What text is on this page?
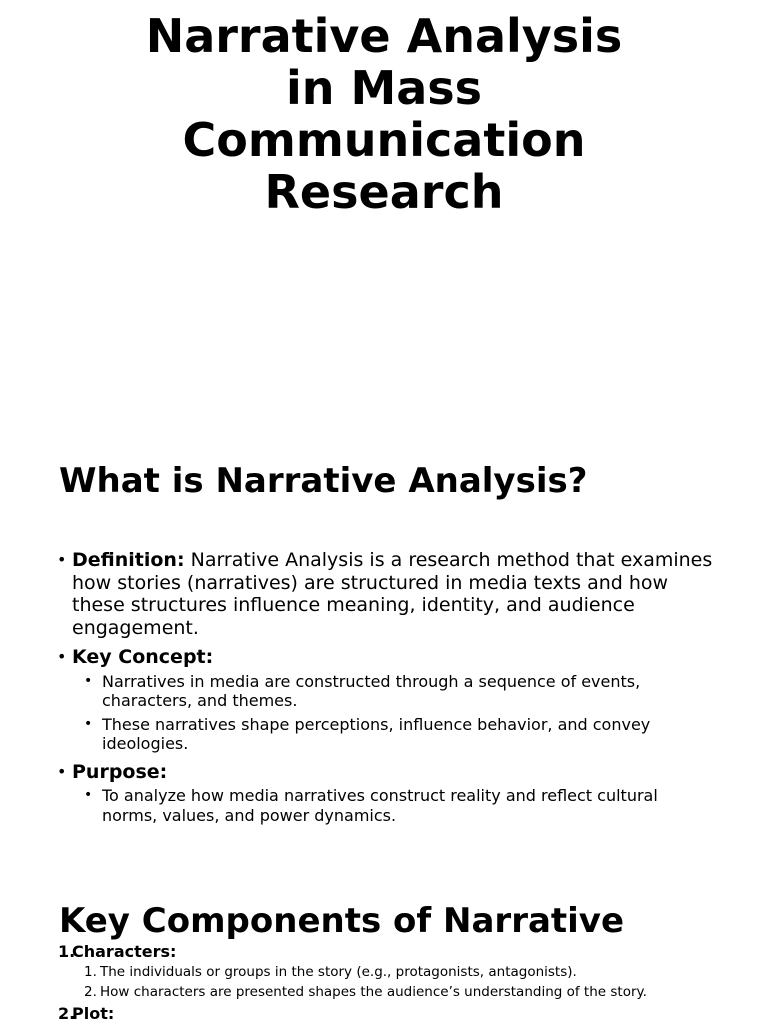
Narrative Analysis
in Mass
Communication
Research
What is Narrative Analysis?
• Definition: Narrative Analysis is a research method that examines how stories (narratives) are structured in media texts and how these structures influence meaning, identity, and audience engagement.
• Key Concept:
• Narratives in media are constructed through a sequence of events, characters, and themes.
• These narratives shape perceptions, influence behavior, and convey ideologies.
• Purpose:
• To analyze how media narratives construct reality and reflect cultural norms, values, and power dynamics.
Key Components of Narrative
1.
Characters:
1. The individuals or groups in the story (e.g., protagonists, antagonists).
2. How characters are presented shapes the audience’s understanding of the story.
2.
Plot:
